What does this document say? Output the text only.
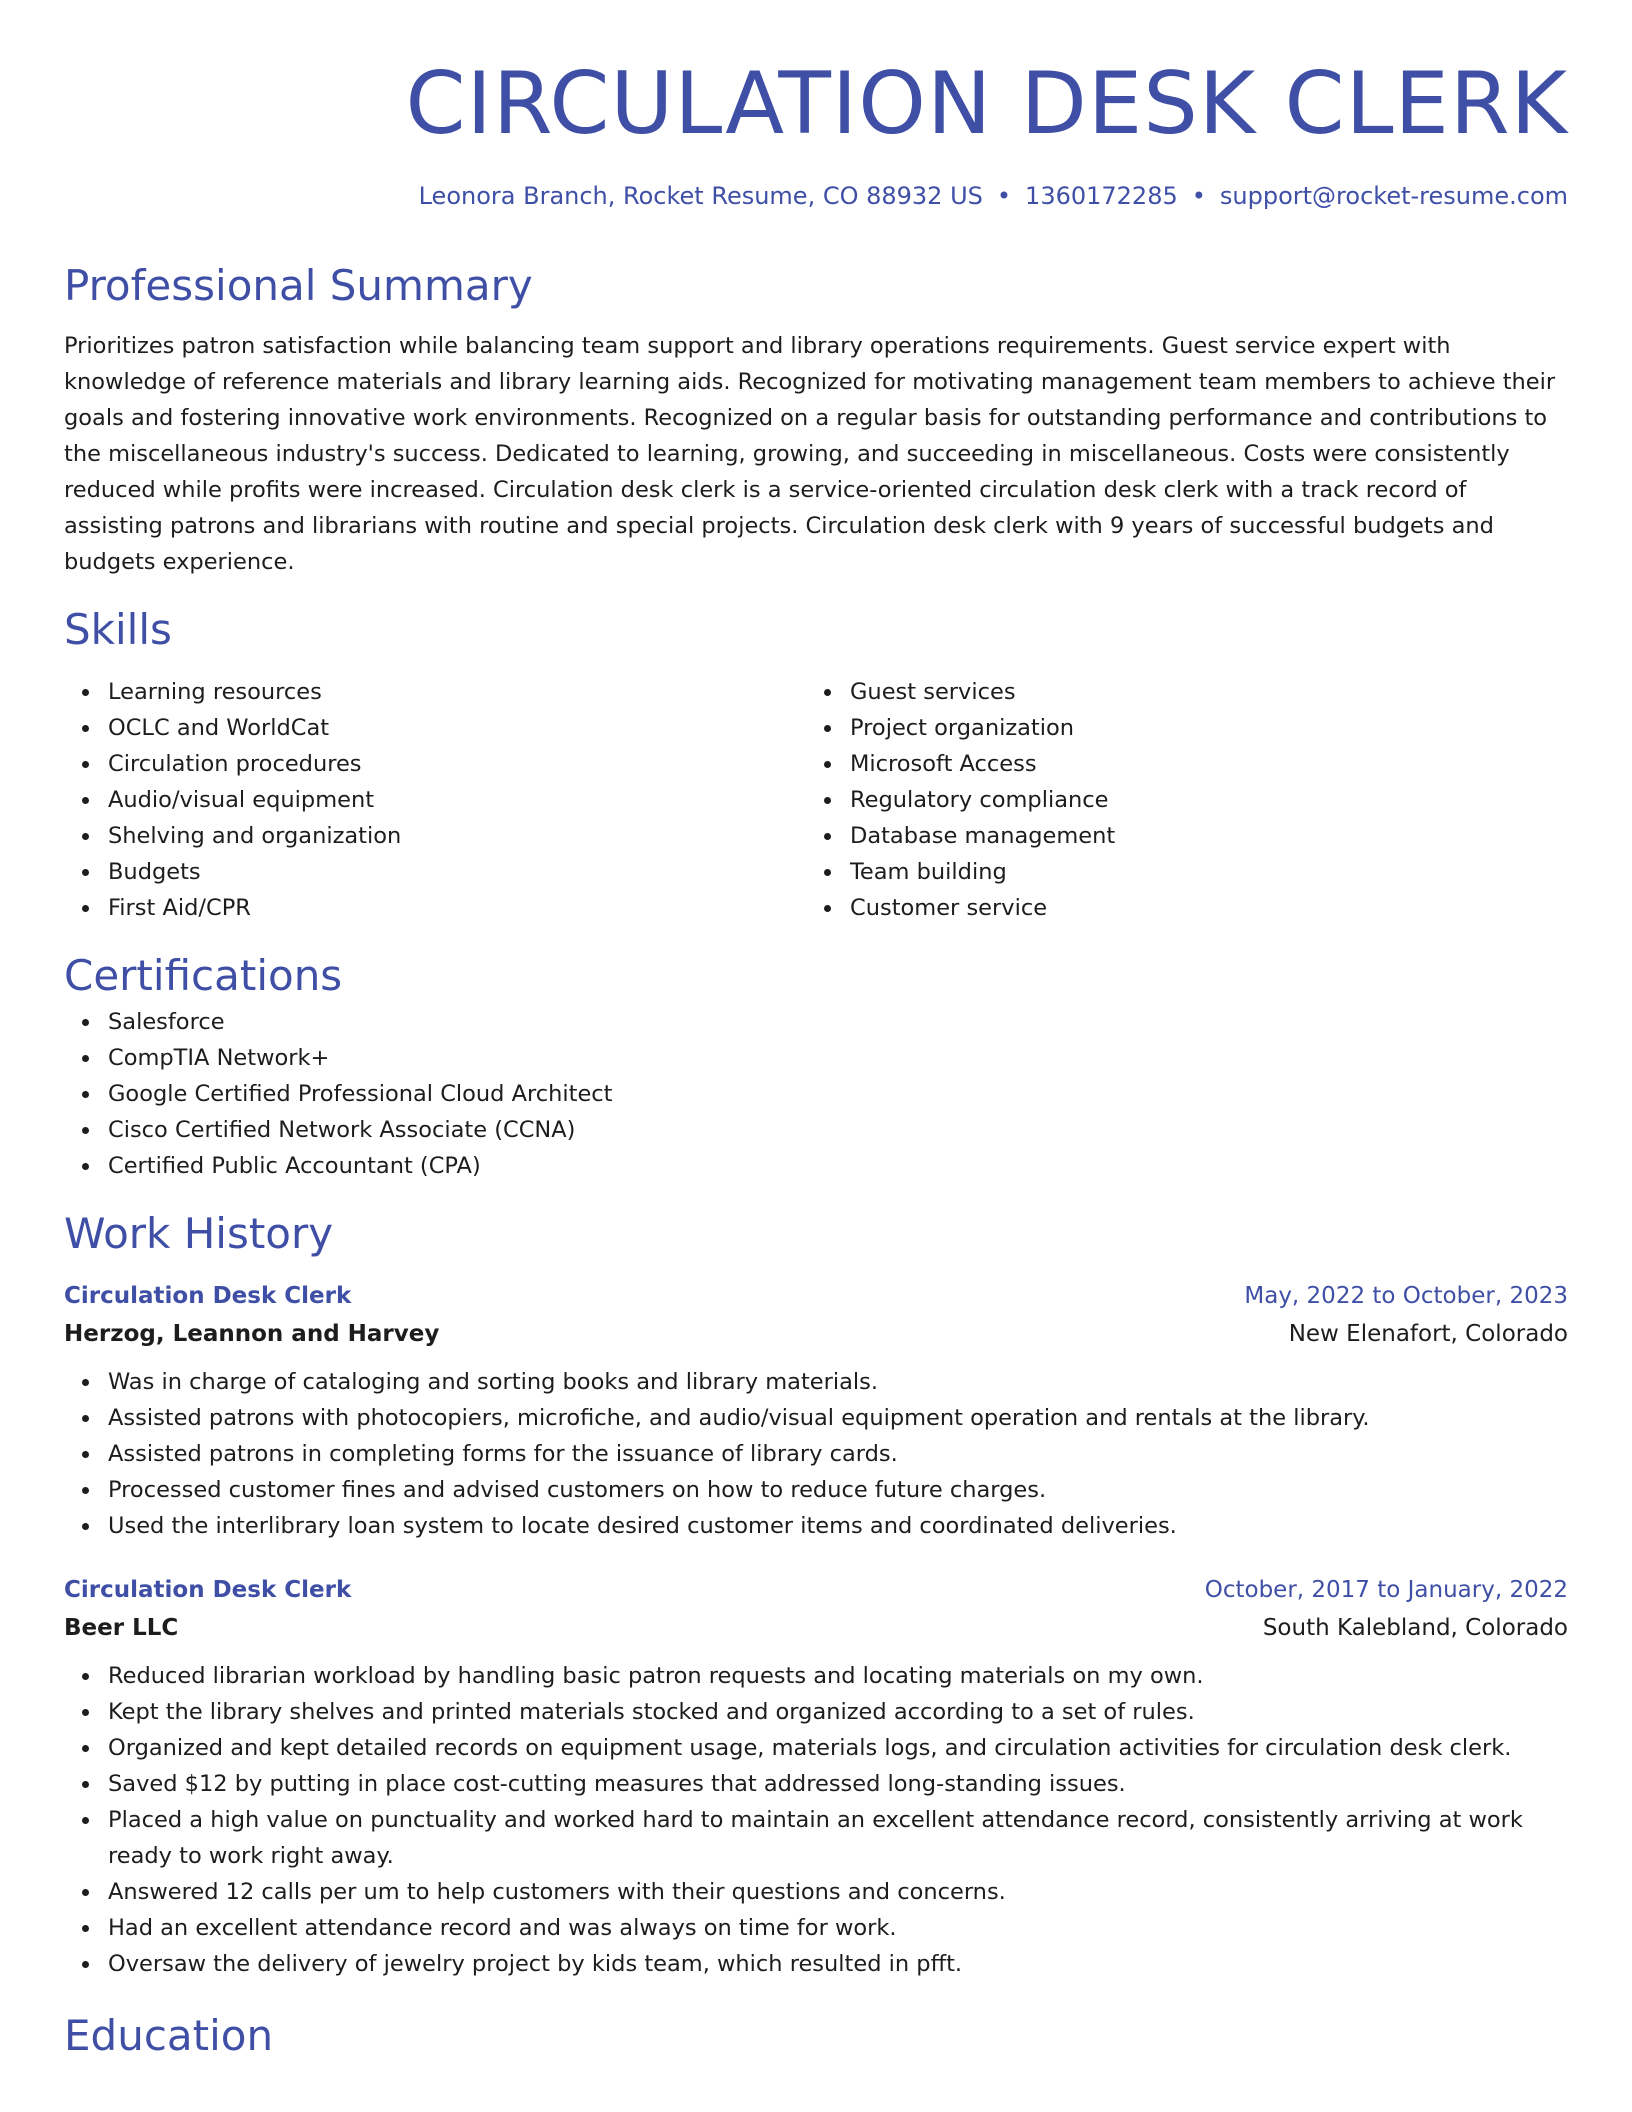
CIRCULATION DESK CLERK
Leonora Branch, Rocket Resume, CO 88932 US • 1360172285 • support@rocket-resume.com
Professional Summary

Prioritizes patron satisfaction while balancing team support and library operations requirements. Guest service expert with knowledge of reference materials and library learning aids. Recognized for motivating management team members to achieve their goals and fostering innovative work environments. Recognized on a regular basis for outstanding performance and contributions to the miscellaneous industry's success. Dedicated to learning, growing, and succeeding in miscellaneous. Costs were consistently reduced while profits were increased. Circulation desk clerk is a service-oriented circulation desk clerk with a track record of assisting patrons and librarians with routine and special projects. Circulation desk clerk with 9 years of successful budgets and budgets experience.

Skills
Learning resources
OCLC and WorldCat
Circulation procedures
Audio/visual equipment
Shelving and organization
Budgets
First Aid/CPR
Guest services
Project organization
Microsoft Access
Regulatory compliance
Database management
Team building
Customer service
Certifications
Salesforce
CompTIA Network+
Google Certified Professional Cloud Architect
Cisco Certified Network Associate (CCNA)
Certified Public Accountant (CPA)
Work History
Circulation Desk Clerk	May, 2022 to October, 2023
Herzog, Leannon and Harvey	New Elenafort, Colorado
Was in charge of cataloging and sorting books and library materials.
Assisted patrons with photocopiers, microfiche, and audio/visual equipment operation and rentals at the library.
Assisted patrons in completing forms for the issuance of library cards.
Processed customer fines and advised customers on how to reduce future charges.
Used the interlibrary loan system to locate desired customer items and coordinated deliveries.
Circulation Desk Clerk	October, 2017 to January, 2022
Beer LLC	South Kalebland, Colorado
Reduced librarian workload by handling basic patron requests and locating materials on my own.
Kept the library shelves and printed materials stocked and organized according to a set of rules.
Organized and kept detailed records on equipment usage, materials logs, and circulation activities for circulation desk clerk.
Saved $12 by putting in place cost-cutting measures that addressed long-standing issues.
Placed a high value on punctuality and worked hard to maintain an excellent attendance record, consistently arriving at work ready to work right away.
Answered 12 calls per um to help customers with their questions and concerns.
Had an excellent attendance record and was always on time for work.
Oversaw the delivery of jewelry project by kids team, which resulted in pfft.
Education
